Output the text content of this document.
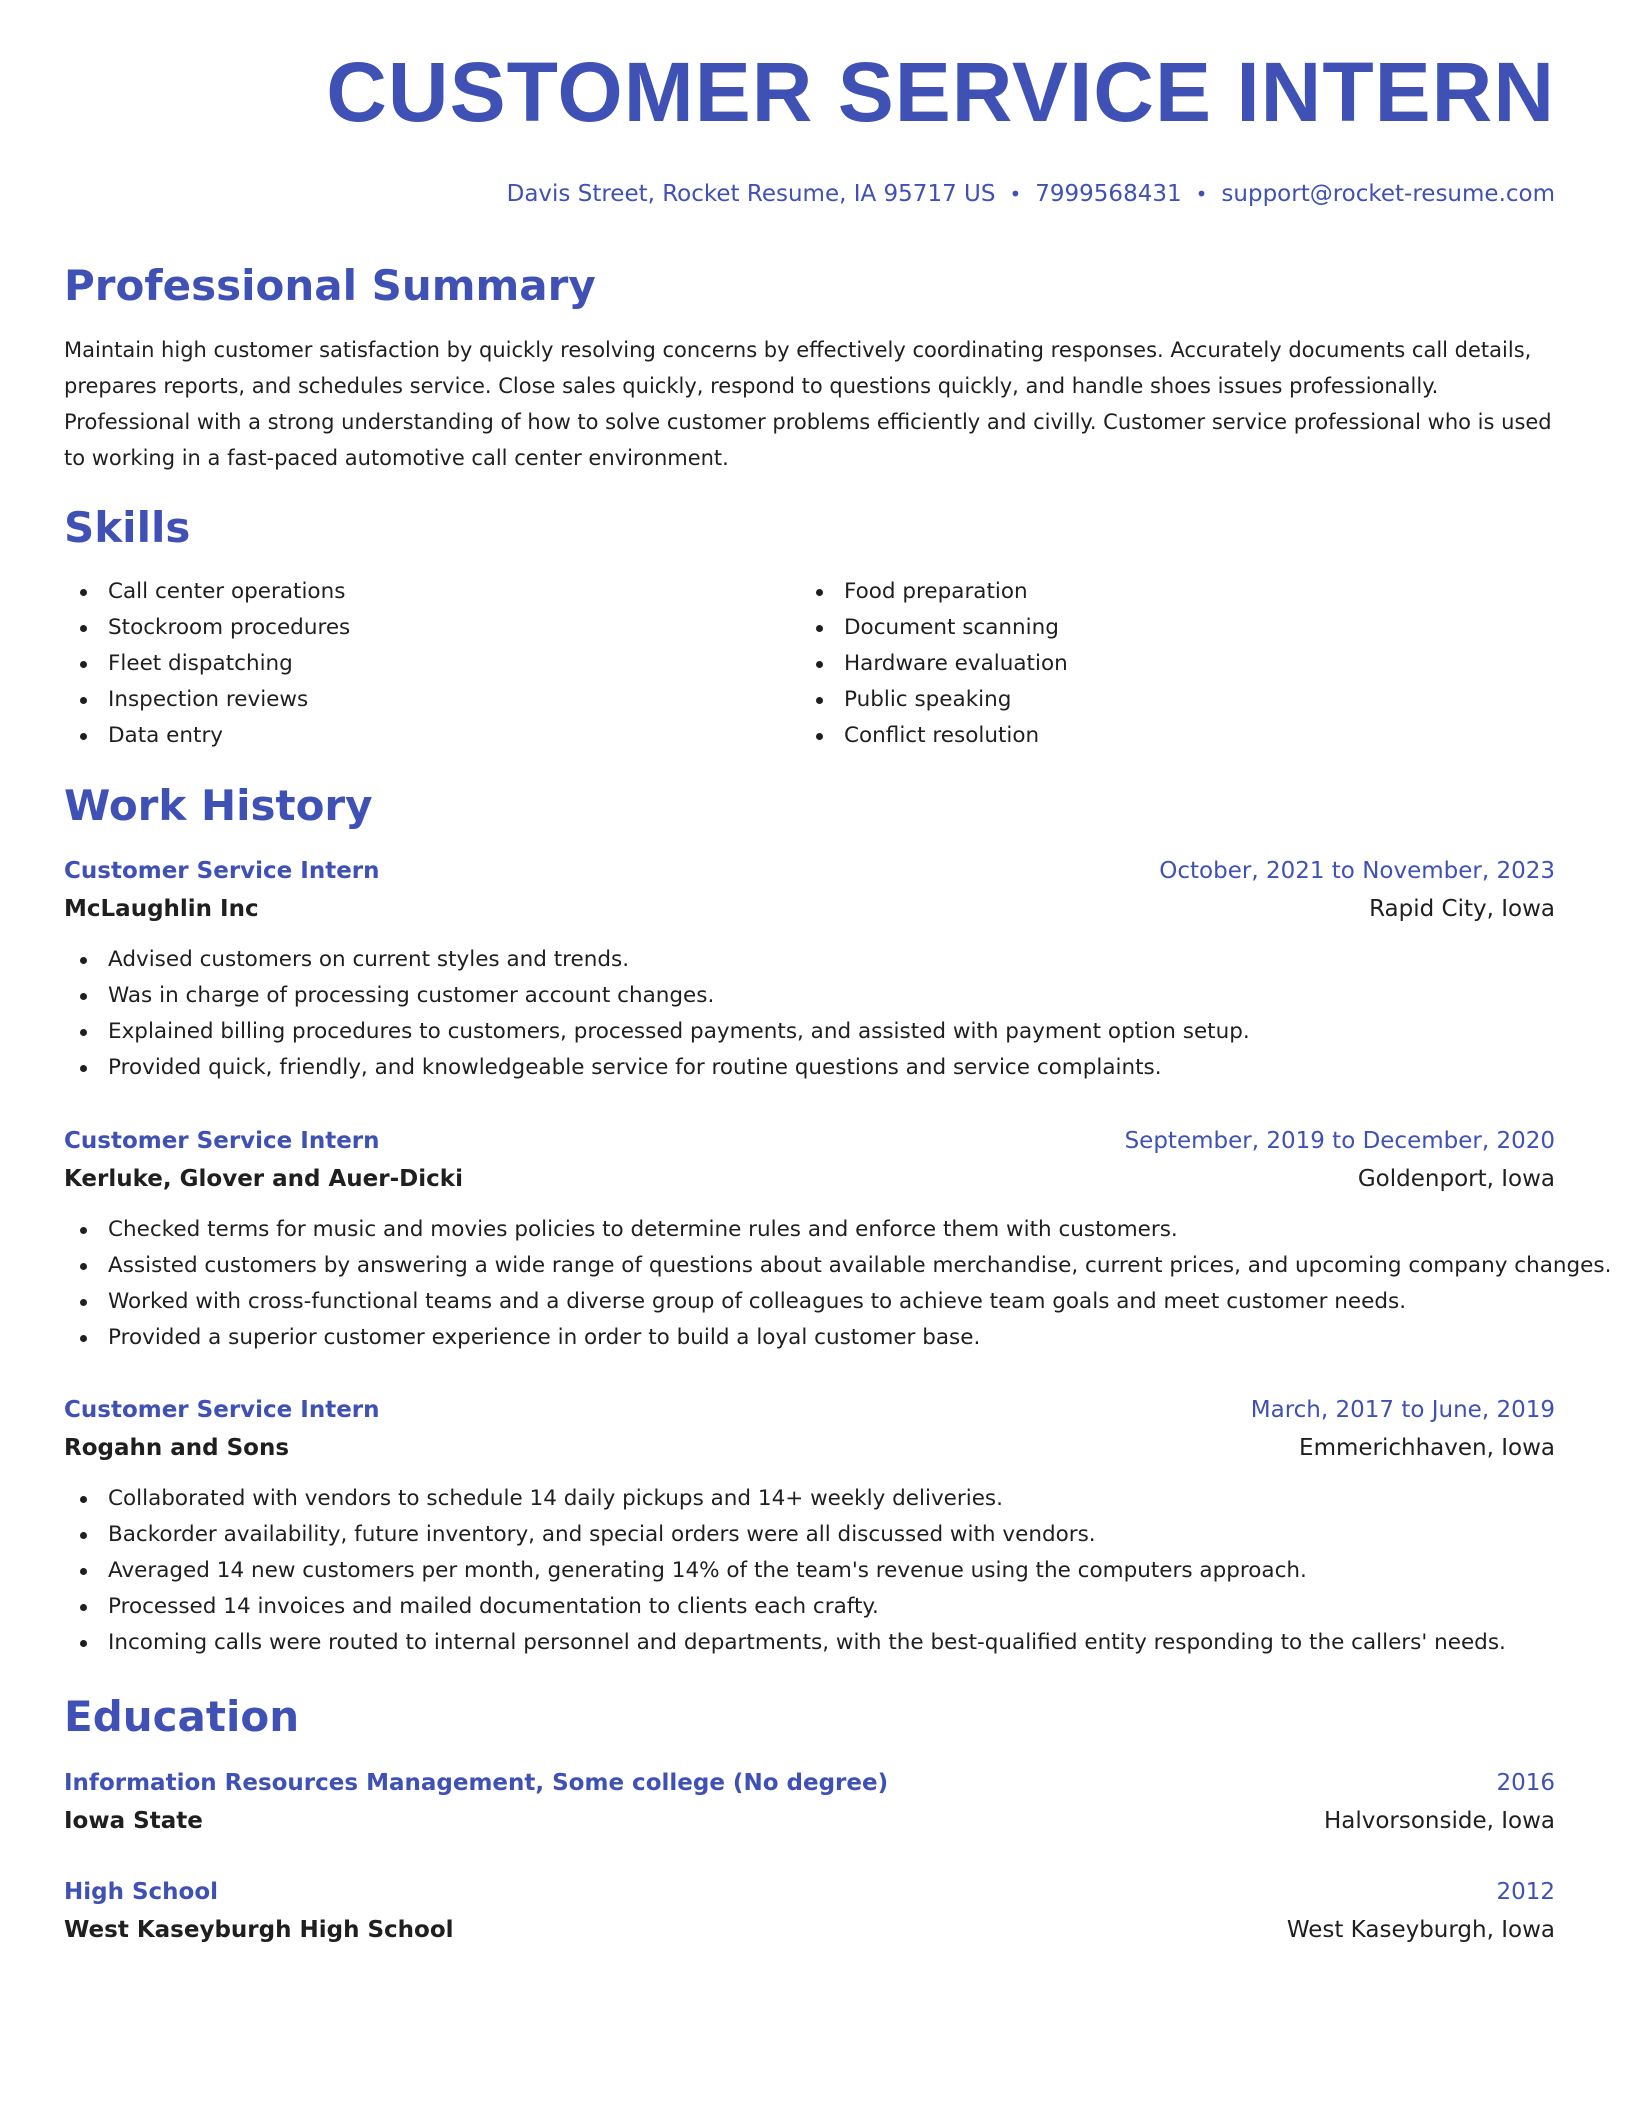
CUSTOMER SERVICE INTERN
Davis Street, Rocket Resume, IA 95717 US • 7999568431 • support@rocket-resume.com
Professional Summary

Maintain high customer satisfaction by quickly resolving concerns by effectively coordinating responses. Accurately documents call details, prepares reports, and schedules service. Close sales quickly, respond to questions quickly, and handle shoes issues professionally. Professional with a strong understanding of how to solve customer problems efficiently and civilly. Customer service professional who is used to working in a fast-paced automotive call center environment.

Skills
Call center operations
Stockroom procedures
Fleet dispatching
Inspection reviews
Data entry
Food preparation
Document scanning
Hardware evaluation
Public speaking
Conflict resolution
Work History
Customer Service Intern	October, 2021 to November, 2023
McLaughlin Inc	Rapid City, Iowa
Advised customers on current styles and trends.
Was in charge of processing customer account changes.
Explained billing procedures to customers, processed payments, and assisted with payment option setup.
Provided quick, friendly, and knowledgeable service for routine questions and service complaints.
Customer Service Intern	September, 2019 to December, 2020
Kerluke, Glover and Auer-Dicki	Goldenport, Iowa
Checked terms for music and movies policies to determine rules and enforce them with customers.
Assisted customers by answering a wide range of questions about available merchandise, current prices, and upcoming company changes.
Worked with cross-functional teams and a diverse group of colleagues to achieve team goals and meet customer needs.
Provided a superior customer experience in order to build a loyal customer base.
Customer Service Intern	March, 2017 to June, 2019
Rogahn and Sons	Emmerichhaven, Iowa
Collaborated with vendors to schedule 14 daily pickups and 14+ weekly deliveries.
Backorder availability, future inventory, and special orders were all discussed with vendors.
Averaged 14 new customers per month, generating 14% of the team's revenue using the computers approach.
Processed 14 invoices and mailed documentation to clients each crafty.
Incoming calls were routed to internal personnel and departments, with the best-qualified entity responding to the callers' needs.
Education
Information Resources Management, Some college (No degree)	2016
Iowa State	Halvorsonside, Iowa
High School	2012
West Kaseyburgh High School	West Kaseyburgh, Iowa
